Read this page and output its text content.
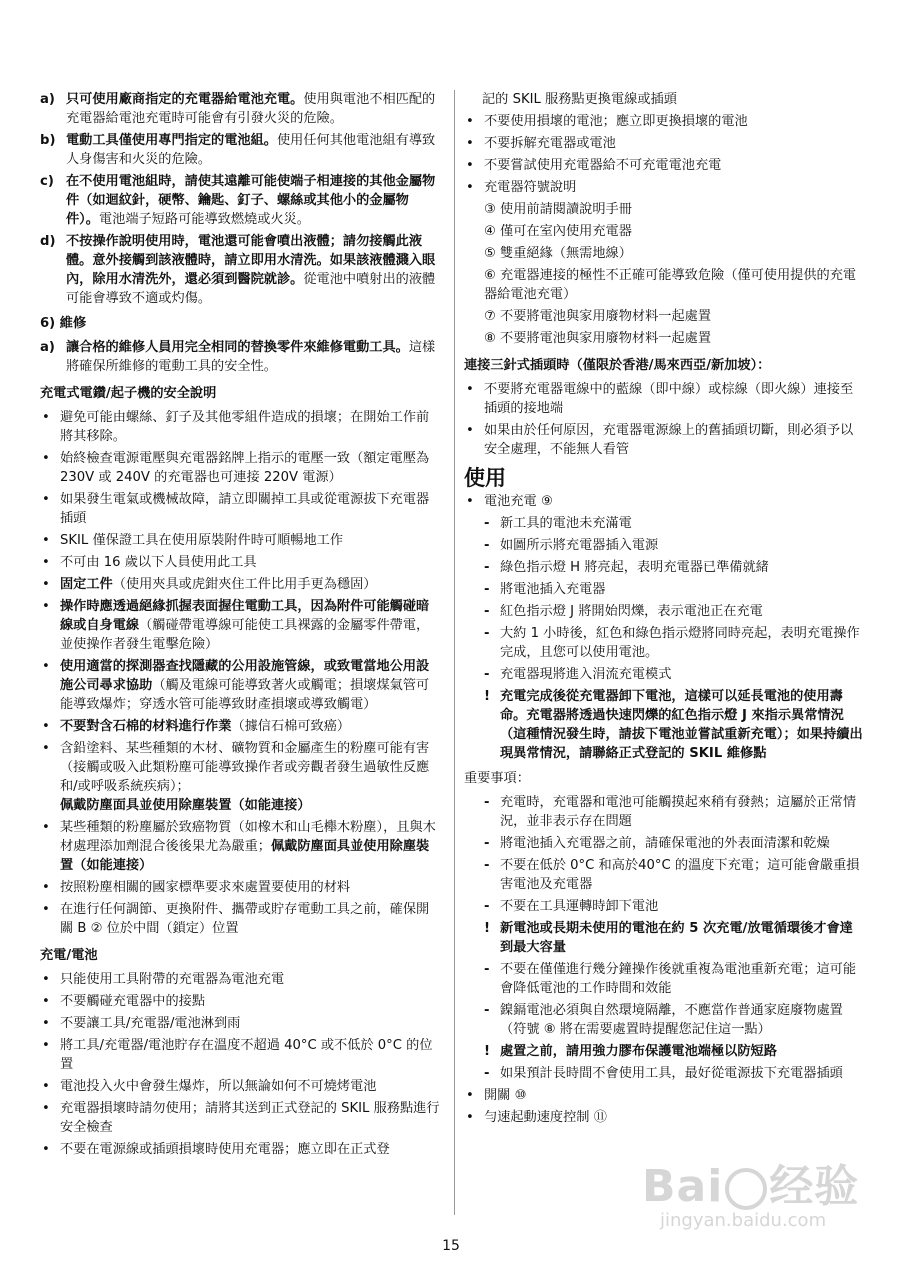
a) 只可使用廠商指定的充電器給電池充電。使用與電池不相匹配的充電器給電池充電時可能會有引發火災的危險。
b) 電動工具僅使用專門指定的電池組。使用任何其他電池組有導致人身傷害和火災的危險。
c) 在不使用電池組時，請使其遠離可能使端子相連接的其他金屬物件（如迴紋針，硬幣、鑰匙、釘子、螺絲或其他小的金屬物件）。電池端子短路可能導致燃燒或火災。
d) 不按操作說明使用時，電池還可能會噴出液體；請勿接觸此液體。意外接觸到該液體時，請立即用水清洗。如果該液體濺入眼內，除用水清洗外，還必須到醫院就診。從電池中噴射出的液體可能會導致不適或灼傷。

6) 維修

a) 讓合格的維修人員用完全相同的替換零件來維修電動工具。這樣將確保所維修的電動工具的安全性。

充電式電鑽/起子機的安全說明

• 避免可能由螺絲、釘子及其他零組件造成的損壞；在開始工作前將其移除。
• 始終檢查電源電壓與充電器銘牌上指示的電壓一致（額定電壓為 230V 或 240V 的充電器也可連接 220V 電源）
• 如果發生電氣或機械故障，請立即關掉工具或從電源拔下充電器插頭
• SKIL 僅保證工具在使用原裝附件時可順暢地工作
• 不可由 16 歲以下人員使用此工具
• 固定工件（使用夾具或虎鉗夾住工件比用手更為穩固）
• 操作時應透過絕緣抓握表面握住電動工具，因為附件可能觸碰暗線或自身電線（觸碰帶電導線可能使工具裸露的金屬零件帶電，並使操作者發生電擊危險）
• 使用適當的探測器查找隱藏的公用設施管線，或致電當地公用設施公司尋求協助（觸及電線可能導致著火或觸電；損壞煤氣管可能導致爆炸；穿透水管可能導致財產損壞或導致觸電）
• 不要對含石棉的材料進行作業（據信石棉可致癌）
• 含鉛塗料、某些種類的木材、礦物質和金屬產生的粉塵可能有害（接觸或吸入此類粉塵可能導致操作者或旁觀者發生過敏性反應和/或呼吸系統疾病）；佩戴防塵面具並使用除塵裝置（如能連接）
• 某些種類的粉塵屬於致癌物質（如橡木和山毛櫸木粉塵），且與木材處理添加劑混合後後果尤為嚴重；佩戴防塵面具並使用除塵裝置（如能連接）
• 按照粉塵相關的國家標準要求來處置要使用的材料
• 在進行任何調節、更換附件、攜帶或貯存電動工具之前，確保開關 B ② 位於中間（鎖定）位置

充電/電池

• 只能使用工具附帶的充電器為電池充電
• 不要觸碰充電器中的接點
• 不要讓工具/充電器/電池淋到雨
• 將工具/充電器/電池貯存在溫度不超過 40°C 或不低於 0°C 的位置
• 電池投入火中會發生爆炸，所以無論如何不可燒烤電池
• 充電器損壞時請勿使用；請將其送到正式登記的 SKIL 服務點進行安全檢查
• 不要在電源線或插頭損壞時使用充電器；應立即在正式登

記的 SKIL 服務點更換電線或插頭

• 不要使用損壞的電池；應立即更換損壞的電池
• 不要拆解充電器或電池
• 不要嘗試使用充電器給不可充電電池充電
• 充電器符號說明

③ 使用前請閱讀說明手冊

④ 僅可在室內使用充電器

⑤ 雙重絕緣（無需地線）

⑥ 充電器連接的極性不正確可能導致危險（僅可使用提供的充電器給電池充電）

⑦ 不要將電池與家用廢物材料一起處置

⑧ 不要將電池與家用廢物材料一起處置

連接三針式插頭時（僅限於香港/馬來西亞/新加坡）：

• 不要將充電器電線中的藍線（即中線）或棕線（即火線）連接至插頭的接地端
• 如果由於任何原因，充電器電源線上的舊插頭切斷，則必須予以安全處理，不能無人看管

使用

• 電池充電 ⑨
- 新工具的電池未充滿電
- 如圖所示將充電器插入電源
- 綠色指示燈 H 將亮起，表明充電器已準備就緒
- 將電池插入充電器
- 紅色指示燈 J 將開始閃爍，表示電池正在充電
- 大約 1 小時後，紅色和綠色指示燈將同時亮起，表明充電操作完成，且您可以使用電池。
- 充電器現將進入涓流充電模式
! 充電完成後從充電器卸下電池，這樣可以延長電池的使用壽命。充電器將透過快速閃爍的紅色指示燈 J 來指示異常情況（這種情況發生時，請拔下電池並嘗試重新充電）；如果持續出現異常情況，請聯絡正式登記的 SKIL 維修點

重要事項：

- 充電時，充電器和電池可能觸摸起來稍有發熱；這屬於正常情況，並非表示存在問題
- 將電池插入充電器之前，請確保電池的外表面清潔和乾燥
- 不要在低於 0°C 和高於40°C 的溫度下充電；這可能會嚴重損害電池及充電器
- 不要在工具運轉時卸下電池
! 新電池或長期未使用的電池在約 5 次充電/放電循環後才會達到最大容量
- 不要在僅僅進行幾分鐘操作後就重複為電池重新充電；這可能會降低電池的工作時間和效能
- 鎳鎘電池必須與自然環境隔離，不應當作普通家庭廢物處置（符號 ⑧ 將在需要處置時提醒您記住這一點）
! 處置之前，請用強力膠布保護電池端極以防短路
- 如果預計長時間不會使用工具，最好從電源拔下充電器插頭
• 開關 ⑩
• 勻速起動速度控制 ⑪
15
Bai 经验
jingyan.baidu.com
